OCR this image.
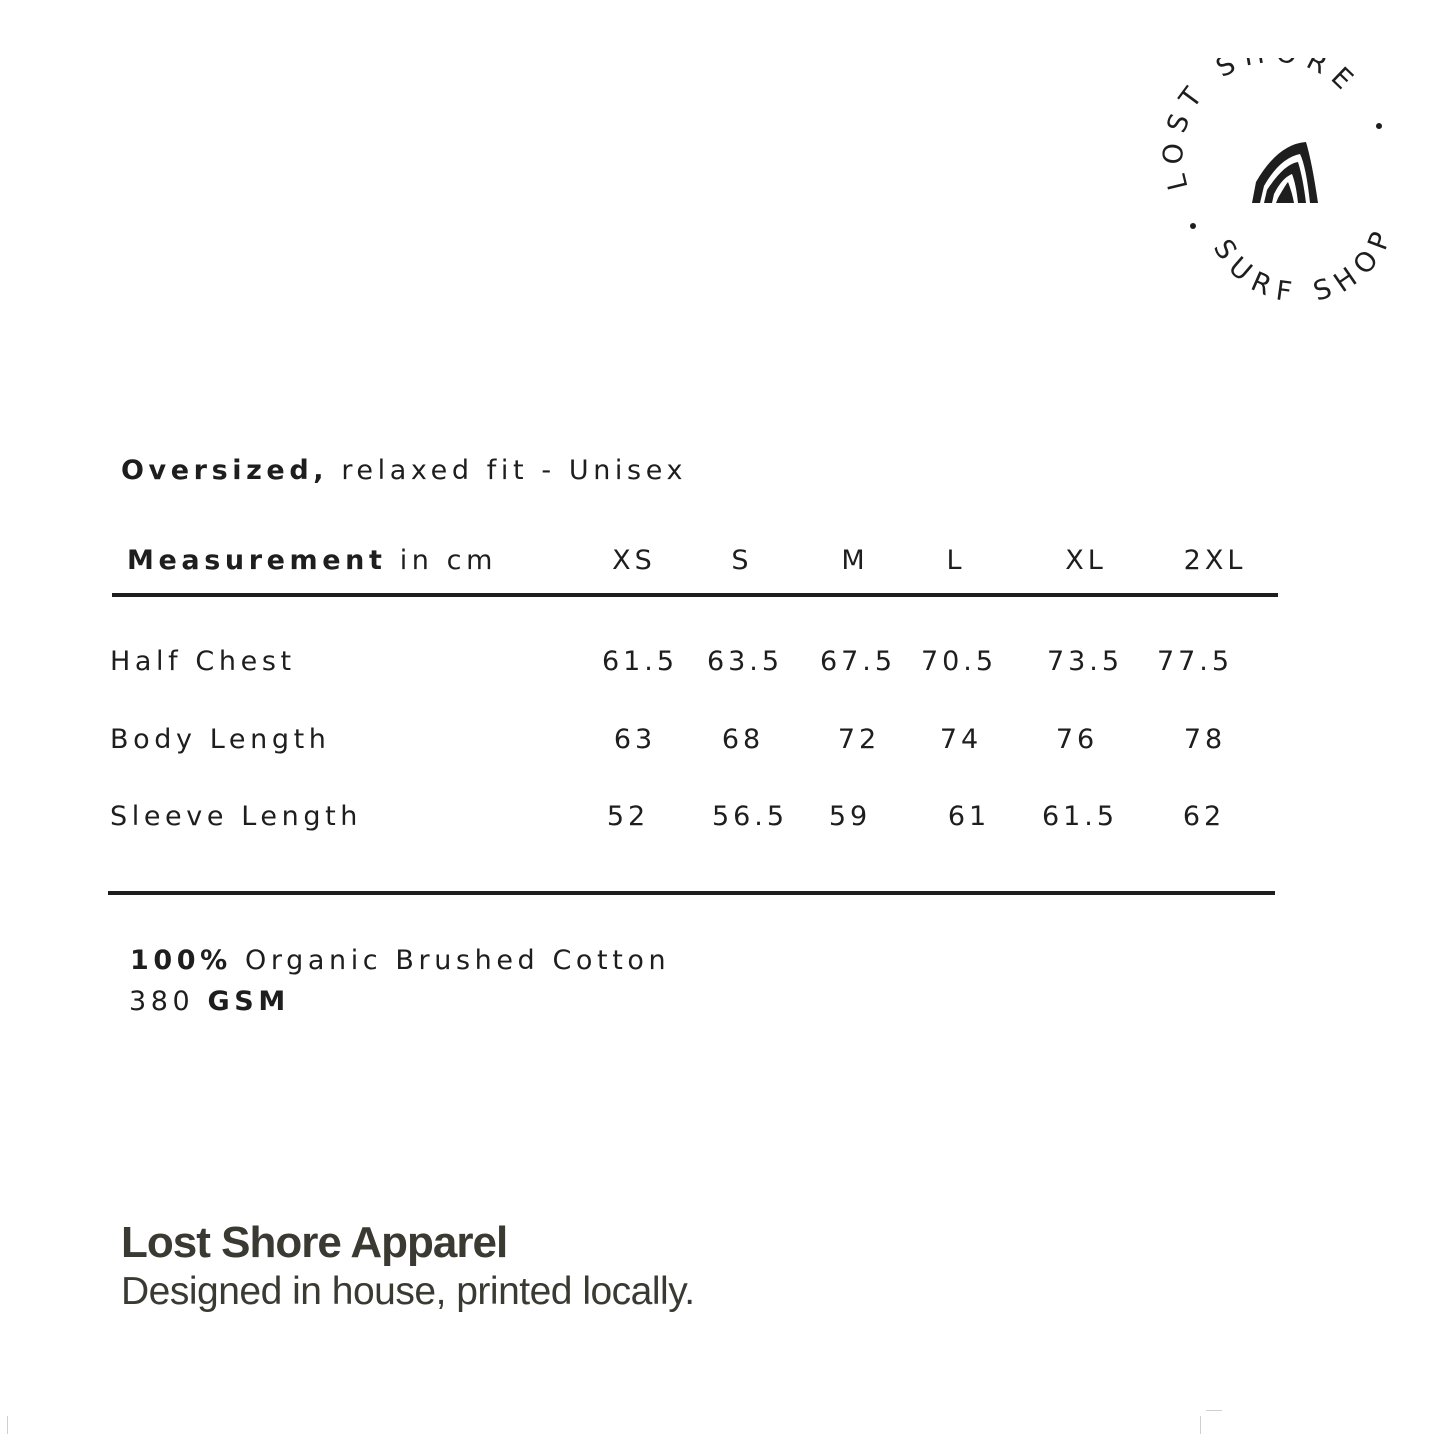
LOST S RE
SURF SHOP
Oversized, relaxed fit - Unisex
Measurement in cm	XS	S	M	L	XL	2XL
Half Chest	61.5	63.5	67.5 70.5	73.5	77.5
Body Length	63	68	72	74	76	78
Sleeve Length	52	56.5	59	61	61.5	62
100% Organic Brushed Cotton
380 GSM
Lost Shore Apparel
Designed in house, printed locally.
